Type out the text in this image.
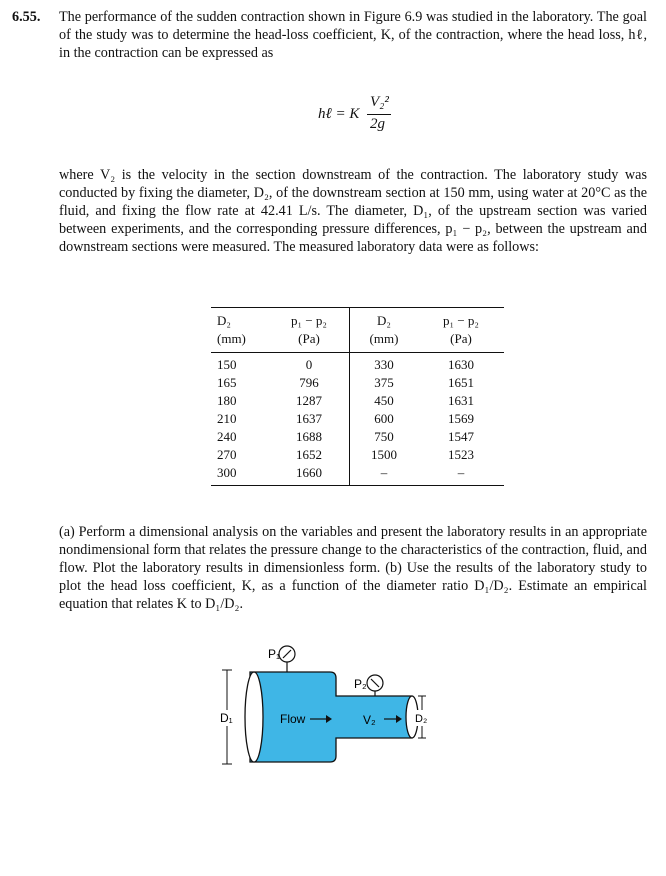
6.55. The performance of the sudden contraction shown in Figure 6.9 was studied in the laboratory. The goal of the study was to determine the head-loss coefficient, K, of the contraction, where the head loss, hℓ, in the contraction can be expressed as

hℓ = K
V₂²
2g

where V₂ is the velocity in the section downstream of the contraction. The laboratory study was conducted by fixing the diameter, D₂, of the downstream section at 150 mm, using water at 20°C as the fluid, and fixing the flow rate at 42.41 L/s. The diameter, D₁, of the upstream section was varied between experiments, and the corresponding pressure differences, p₁ − p₂, between the upstream and downstream sections were measured. The measured laboratory data were as follows:

D₂	p₁ − p₂	D₂	p₁ − p₂
(mm)	(Pa)	(mm)	(Pa)
150	0	330	1630
165	796	375	1651
180	1287	450	1631
210	1637	600	1569
240	1688	750	1547
270	1652	1500	1523
300	1660	–	–

(a) Perform a dimensional analysis on the variables and present the laboratory results in an appropriate nondimensional form that relates the pressure change to the characteristics of the contraction, fluid, and flow. Plot the laboratory results in dimensionless form. (b) Use the results of the laboratory study to plot the head loss coefficient, K, as a function of the diameter ratio D₁/D₂. Estimate an empirical equation that relates K to D₁/D₂.

P₁
P₂
D₁	Flow	V₂	D₂
